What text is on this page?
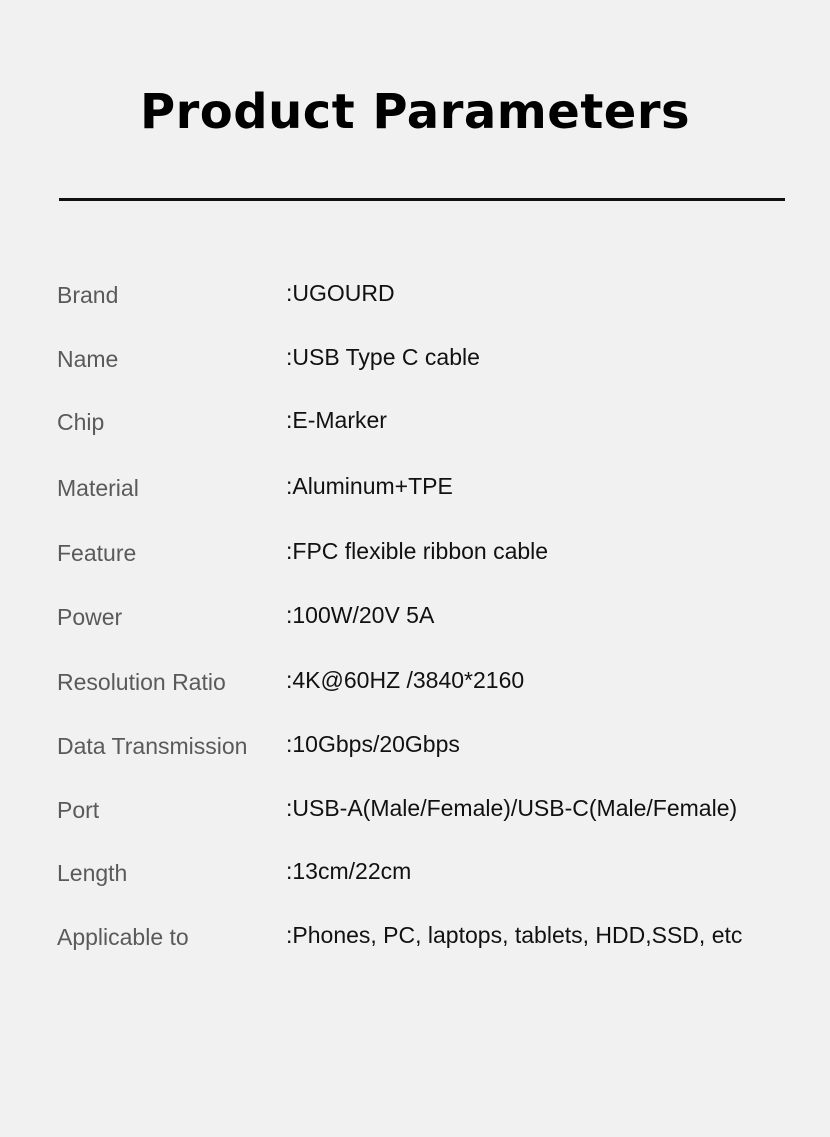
Product Parameters
Brand	:UGOURD
Name	:USB Type C cable
Chip	:E-Marker
Material	:Aluminum+TPE
Feature	:FPC flexible ribbon cable
Power	:100W/20V 5A
Resolution Ratio	:4K@60HZ /3840*2160
Data Transmission :10Gbps/20Gbps
Port	:USB-A(Male/Female)/USB-C(Male/Female)
Length	:13cm/22cm
Applicable to	:Phones, PC, laptops, tablets, HDD,SSD, etc
